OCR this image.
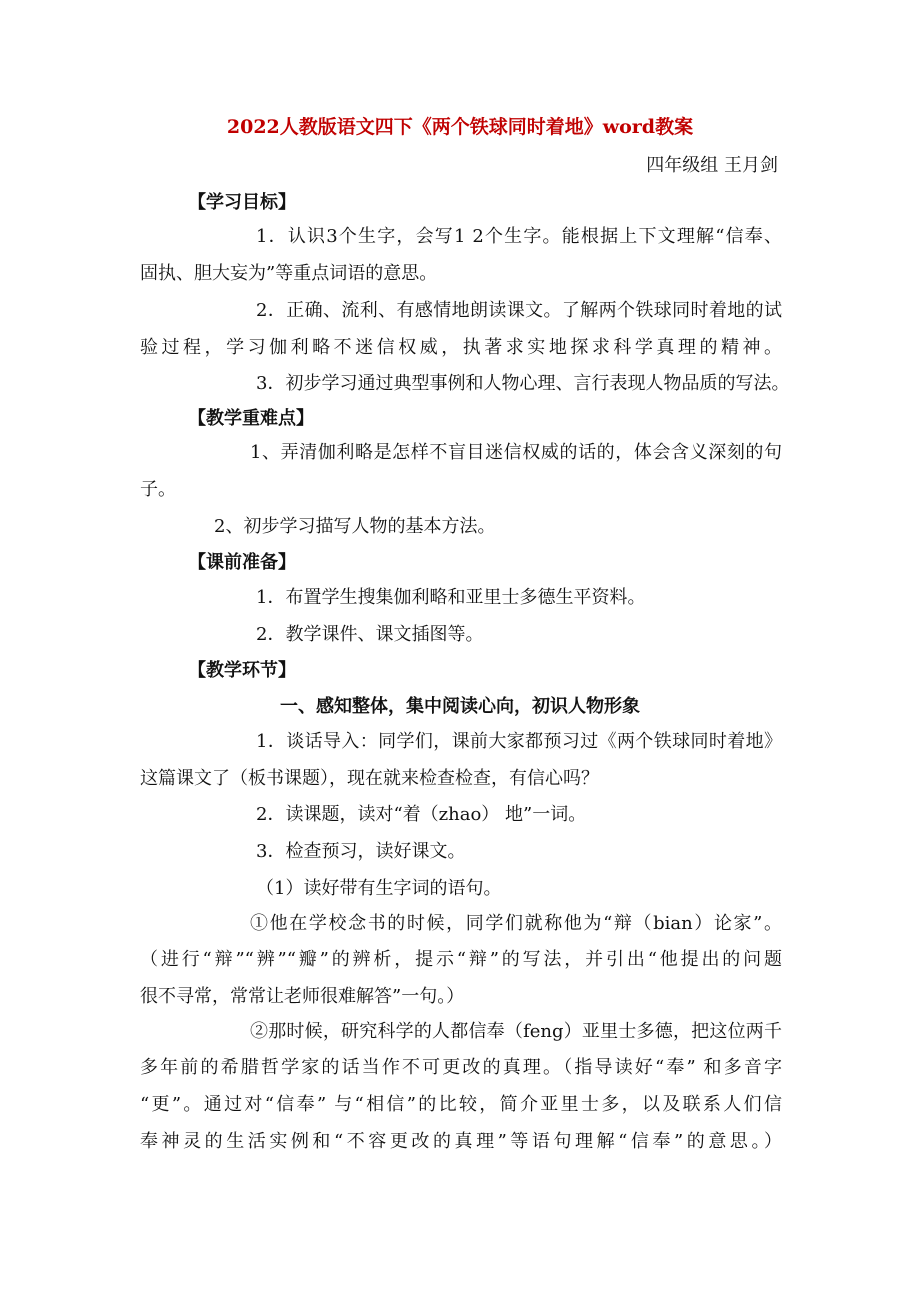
2022人教版语文四下《两个铁球同时着地》word教案
四年级组 王月剑
【学习目标】
1．认识3个生字，会写1 2个生字。能根据上下文理解“信奉、
固执、胆大妄为”等重点词语的意思。
2．正确、流利、有感情地朗读课文。了解两个铁球同时着地的试
验过程，学习伽利略不迷信权威，执著求实地探求科学真理的精神。
3．初步学习通过典型事例和人物心理、言行表现人物品质的写法。
【教学重难点】
1、弄清伽利略是怎样不盲目迷信权威的话的，体会含义深刻的句
子。
2、初步学习描写人物的基本方法。
【课前准备】
1．布置学生搜集伽利略和亚里士多德生平资料。
2．教学课件、课文插图等。
【教学环节】
一、感知整体，集中阅读心向，初识人物形象
1．谈话导入：同学们，课前大家都预习过《两个铁球同时着地》
这篇课文了（板书课题），现在就来检查检查，有信心吗？
2．读课题，读对“着（zhao） 地”一词。
3．检查预习，读好课文。
（1）读好带有生字词的语句。
①他在学校念书的时候，同学们就称他为“辩（bian）论家”。
（进行“辩”“辨”“瓣”的辨析，提示“辩”的写法，并引出“他提出的问题
很不寻常，常常让老师很难解答”一句。）
②那时候，研究科学的人都信奉（feng）亚里士多德，把这位两千
多年前的希腊哲学家的话当作不可更改的真理。（指导读好“奉” 和多音字
“更”。通过对“信奉” 与“相信”的比较，简介亚里士多，以及联系人们信
奉神灵的生活实例和“不容更改的真理”等语句理解“信奉”的意思。）
